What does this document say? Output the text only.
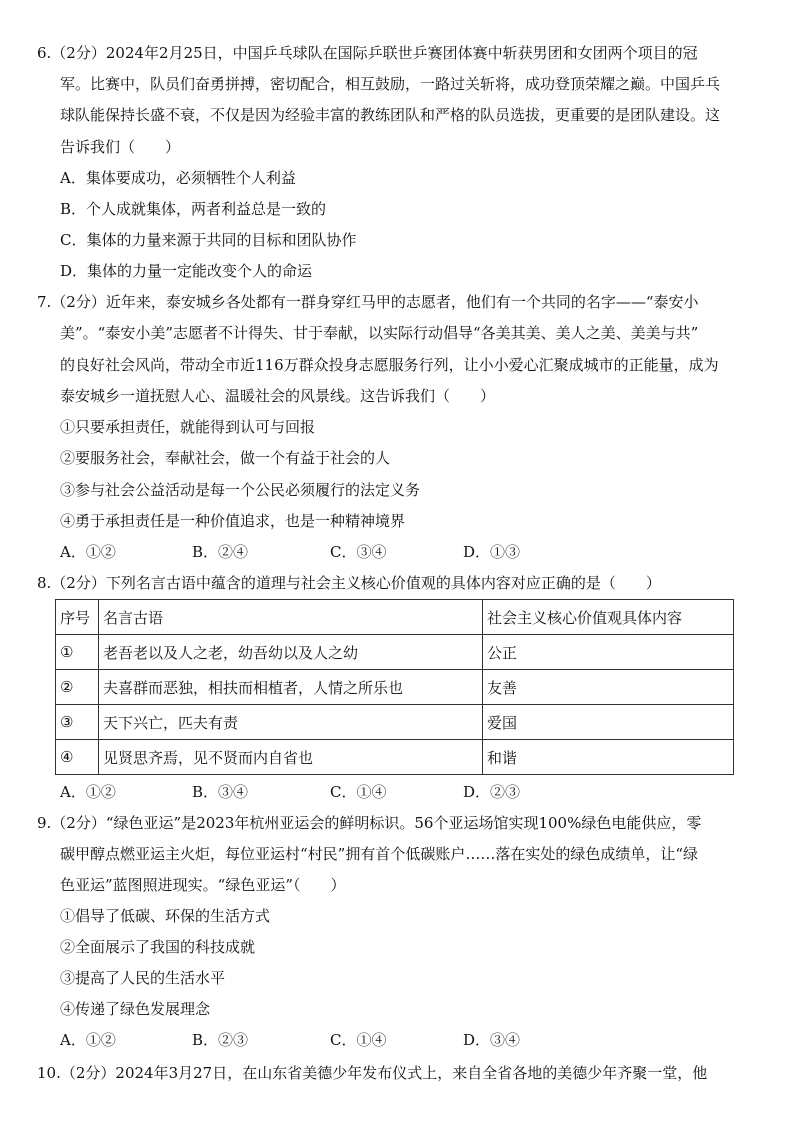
6.（2分）2024年2月25日，中国乒乓球队在国际乒联世乒赛团体赛中斩获男团和女团两个项目的冠
军。比赛中，队员们奋勇拼搏，密切配合，相互鼓励，一路过关斩将，成功登顶荣耀之巅。中国乒乓
球队能保持长盛不衰，不仅是因为经验丰富的教练团队和严格的队员选拔，更重要的是团队建设。这
告诉我们（　　）
A．集体要成功，必须牺牲个人利益
B．个人成就集体，两者利益总是一致的
C．集体的力量来源于共同的目标和团队协作
D．集体的力量一定能改变个人的命运
7.（2分）近年来，泰安城乡各处都有一群身穿红马甲的志愿者，他们有一个共同的名字——“泰安小
美”。“泰安小美”志愿者不计得失、甘于奉献，以实际行动倡导“各美其美、美人之美、美美与共”
的良好社会风尚，带动全市近116万群众投身志愿服务行列，让小小爱心汇聚成城市的正能量，成为
泰安城乡一道抚慰人心、温暖社会的风景线。这告诉我们（　　）
①只要承担责任，就能得到认可与回报
②要服务社会，奉献社会，做一个有益于社会的人
③参与社会公益活动是每一个公民必须履行的法定义务
④勇于承担责任是一种价值追求，也是一种精神境界
A．①②	B．②④	C．③④	D．①③
8.（2分）下列名言古语中蕴含的道理与社会主义核心价值观的具体内容对应正确的是（　　）
序号	名言古语	社会主义核心价值观具体内容
①	老吾老以及人之老，幼吾幼以及人之幼	公正
②	夫喜群而恶独，相扶而相植者，人情之所乐也	友善
③	天下兴亡，匹夫有责	爱国
④	见贤思齐焉，见不贤而内自省也	和谐
A．①②	B．③④	C．①④	D．②③
9.（2分）“绿色亚运”是2023年杭州亚运会的鲜明标识。56个亚运场馆实现100%绿色电能供应，零
碳甲醇点燃亚运主火炬，每位亚运村“村民”拥有首个低碳账户……落在实处的绿色成绩单，让“绿
色亚运”蓝图照进现实。“绿色亚运”（　　）
①倡导了低碳、环保的生活方式
②全面展示了我国的科技成就
③提高了人民的生活水平
④传递了绿色发展理念
A．①②	B．②③	C．①④	D．③④
10.（2分）2024年3月27日，在山东省美德少年发布仪式上，来自全省各地的美德少年齐聚一堂，他
